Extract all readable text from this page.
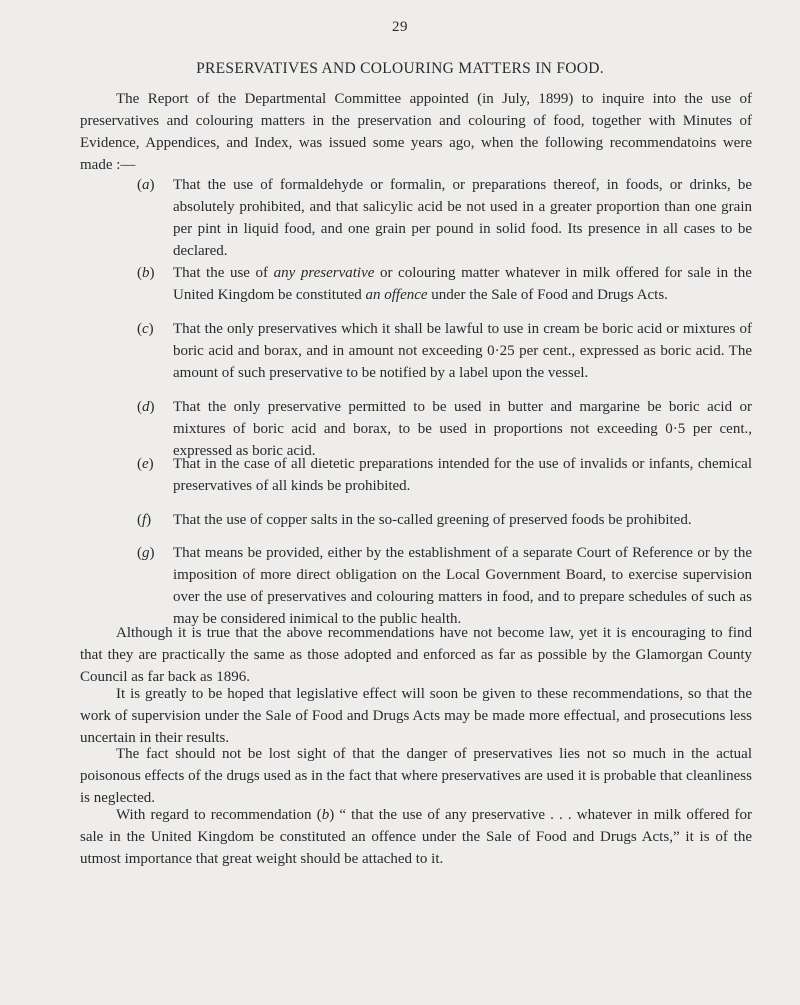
29
PRESERVATIVES AND COLOURING MATTERS IN FOOD.

The Report of the Departmental Committee appointed (in July, 1899) to inquire into the use of preservatives and colouring matters in the preservation and colouring of food, together with Minutes of Evidence, Appendices, and Index, was issued some years ago, when the following recommendatoins were made :—

(a) That the use of formaldehyde or formalin, or preparations thereof, in foods, or drinks, be absolutely prohibited, and that salicylic acid be not used in a greater proportion than one grain per pint in liquid food, and one grain per pound in solid food. Its presence in all cases to be declared.

(b) That the use of any preservative or colouring matter whatever in milk offered for sale in the United Kingdom be constituted an offence under the Sale of Food and Drugs Acts.

(c) That the only preservatives which it shall be lawful to use in cream be boric acid or mixtures of boric acid and borax, and in amount not exceeding 0·25 per cent., expressed as boric acid. The amount of such preservative to be notified by a label upon the vessel.

(d) That the only preservative permitted to be used in butter and margarine be boric acid or mixtures of boric acid and borax, to be used in proportions not exceeding 0·5 per cent., expressed as boric acid.

(e) That in the case of all dietetic preparations intended for the use of invalids or infants, chemical preservatives of all kinds be prohibited.

(f) That the use of copper salts in the so-called greening of preserved foods be prohibited.

(g) That means be provided, either by the establishment of a separate Court of Reference or by the imposition of more direct obligation on the Local Government Board, to exercise supervision over the use of preservatives and colouring matters in food, and to prepare schedules of such as may be considered inimical to the public health.

Although it is true that the above recommendations have not become law, yet it is encouraging to find that they are practically the same as those adopted and enforced as far as possible by the Glamorgan County Council as far back as 1896.

It is greatly to be hoped that legislative effect will soon be given to these recommendations, so that the work of supervision under the Sale of Food and Drugs Acts may be made more effectual, and prosecutions less uncertain in their results.

The fact should not be lost sight of that the danger of preservatives lies not so much in the actual poisonous effects of the drugs used as in the fact that where preservatives are used it is probable that cleanliness is neglected.

With regard to recommendation (b) “ that the use of any preservative . . . whatever in milk offered for sale in the United Kingdom be constituted an offence under the Sale of Food and Drugs Acts,” it is of the utmost importance that great weight should be attached to it.
